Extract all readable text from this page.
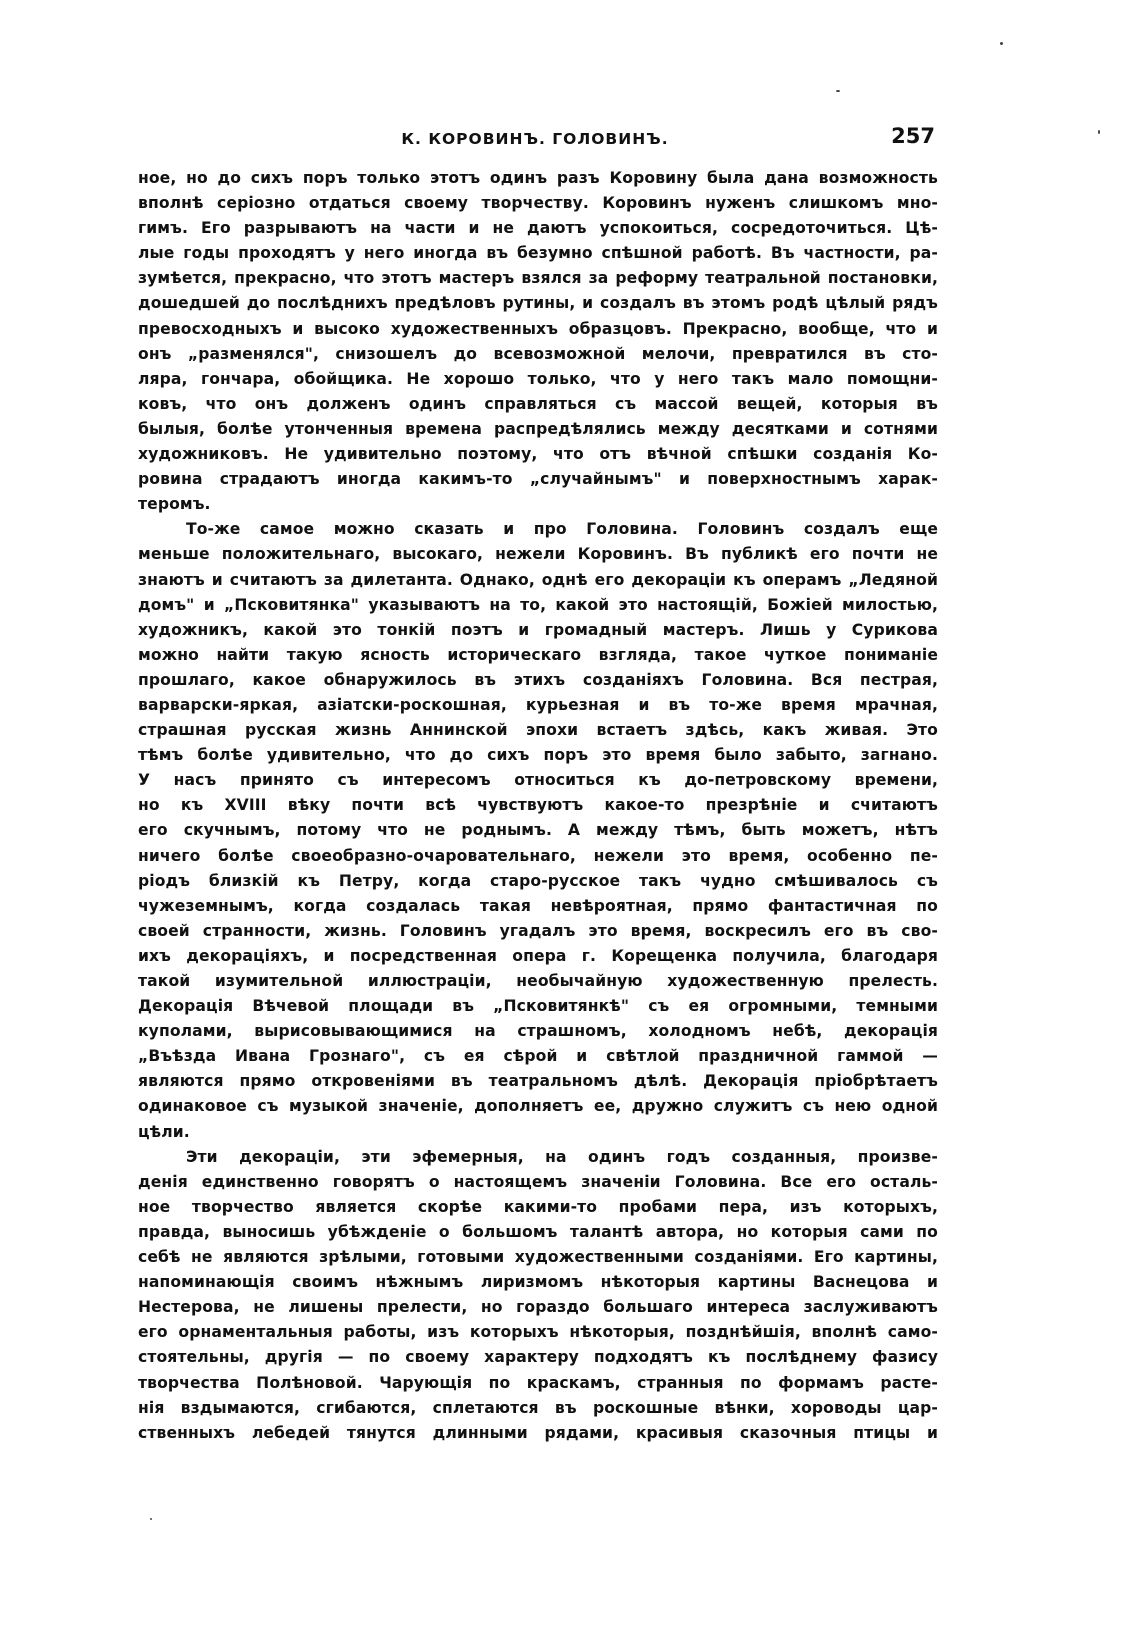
К. КОРОВИНЪ. ГОЛОВИНЪ.	257
ное, но до сихъ поръ только этотъ одинъ разъ Коровину была дана возможность
вполнѣ серіозно отдаться своему творчеству. Коровинъ нуженъ слишкомъ мно-
гимъ. Его разрываютъ на части и не даютъ успокоиться, сосредоточиться. Цѣ-
лые годы проходятъ у него иногда въ безумно спѣшной работѣ. Въ частности, ра-
зумѣется, прекрасно, что этотъ мастеръ взялся за реформу театральной постановки,
дошедшей до послѣднихъ предѣловъ рутины, и создалъ въ этомъ родѣ цѣлый рядъ
превосходныхъ и высоко художественныхъ образцовъ. Прекрасно, вообще, что и
онъ „разменялся", снизошелъ до всевозможной мелочи, превратился въ сто-
ляра, гончара, обойщика. Не хорошо только, что у него такъ мало помощни-
ковъ, что онъ долженъ одинъ справляться съ массой вещей, которыя въ
былыя, болѣе утонченныя времена распредѣлялись между десятками и сотнями
художниковъ. Не удивительно поэтому, что отъ вѣчной спѣшки созданія Ко-
ровина страдаютъ иногда какимъ-то „случайнымъ" и поверхностнымъ харак-
теромъ.
То-же самое можно сказать и про Головина. Головинъ создалъ еще
меньше положительнаго, высокаго, нежели Коровинъ. Въ публикѣ его почти не
знаютъ и считаютъ за дилетанта. Однако, однѣ его декораціи къ операмъ „Ледяной
домъ" и „Псковитянка" указываютъ на то, какой это настоящій, Божіей милостью,
художникъ, какой это тонкій поэтъ и громадный мастеръ. Лишь у Сурикова
можно найти такую ясность историческаго взгляда, такое чуткое пониманіе
прошлаго, какое обнаружилось въ этихъ созданіяхъ Головина. Вся пестрая,
варварски-яркая, азіатски-роскошная, курьезная и въ то-же время мрачная,
страшная русская жизнь Аннинской эпохи встаетъ здѣсь, какъ живая. Это
тѣмъ болѣе удивительно, что до сихъ поръ это время было забыто, загнано.
У насъ принято съ интересомъ относиться къ до-петровскому времени,
но къ XVIII вѣку почти всѣ чувствуютъ какое-то презрѣніе и считаютъ
его скучнымъ, потому что не роднымъ. А между тѣмъ, быть можетъ, нѣтъ
ничего болѣе своеобразно-очаровательнаго, нежели это время, особенно пе-
ріодъ близкій къ Петру, когда старо-русское такъ чудно смѣшивалось съ
чужеземнымъ, когда создалась такая невѣроятная, прямо фантастичная по
своей странности, жизнь. Головинъ угадалъ это время, воскресилъ его въ сво-
ихъ декораціяхъ, и посредственная опера г. Корещенка получила, благодаря
такой изумительной иллюстраціи, необычайную художественную прелесть.
Декорація Вѣчевой площади въ „Псковитянкѣ" съ ея огромными, темными
куполами, вырисовывающимися на страшномъ, холодномъ небѣ, декорація
„Въѣзда Ивана Грознаго", съ ея сѣрой и свѣтлой праздничной гаммой —
являются прямо откровеніями въ театральномъ дѣлѣ. Декорація пріобрѣтаетъ
одинаковое съ музыкой значеніе, дополняетъ ее, дружно служитъ съ нею одной
цѣли.
Эти декораціи, эти эфемерныя, на одинъ годъ созданныя, произве-
денія единственно говорятъ о настоящемъ значеніи Головина. Все его осталь-
ное творчество является скорѣе какими-то пробами пера, изъ которыхъ,
правда, выносишь убѣжденіе о большомъ талантѣ автора, но которыя сами по
себѣ не являются зрѣлыми, готовыми художественными созданіями. Его картины,
напоминающія своимъ нѣжнымъ лиризмомъ нѣкоторыя картины Васнецова и
Нестерова, не лишены прелести, но гораздо большаго интереса заслуживаютъ
его орнаментальныя работы, изъ которыхъ нѣкоторыя, позднѣйшія, вполнѣ само-
стоятельны, другія — по своему характеру подходятъ къ послѣднему фазису
творчества Полѣновой. Чарующія по краскамъ, странныя по формамъ расте-
нія вздымаются, сгибаются, сплетаются въ роскошные вѣнки, хороводы цар-
ственныхъ лебедей тянутся длинными рядами, красивыя сказочныя птицы и
